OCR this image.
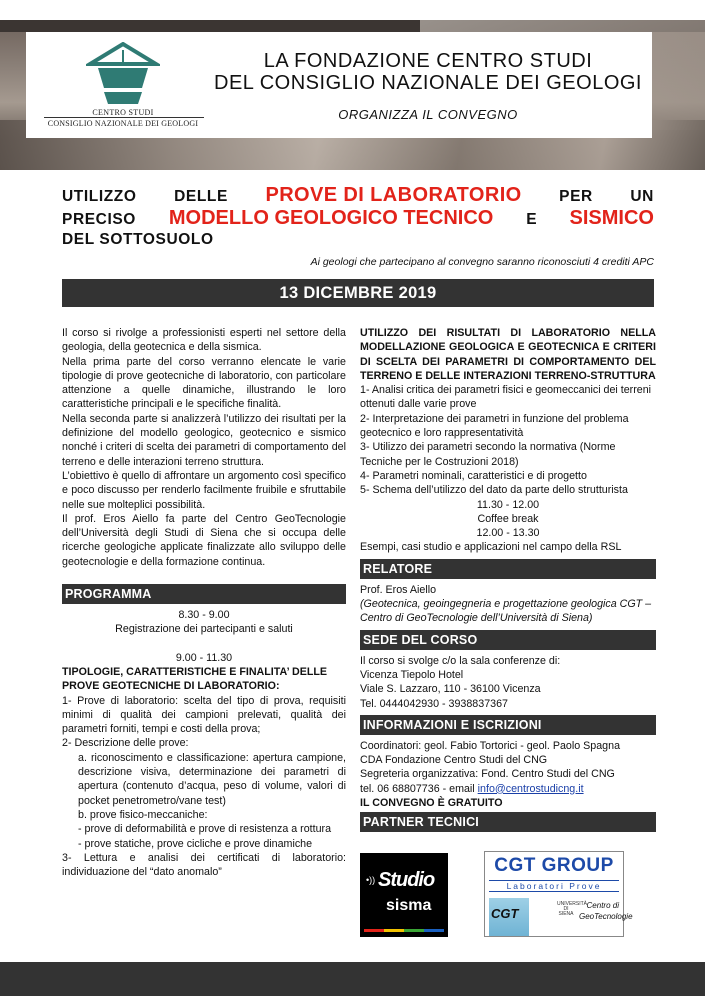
CENTRO STUDI
CONSIGLIO NAZIONALE DEI GEOLOGI
LA FONDAZIONE CENTRO STUDI
DEL CONSIGLIO NAZIONALE DEI GEOLOGI
ORGANIZZA IL CONVEGNO
UTILIZZO DELLE PROVE DI LABORATORIO PER UN
PRECISO MODELLO GEOLOGICO TECNICO E SISMICO
DEL SOTTOSUOLO
Ai geologi che partecipano al convegno saranno riconosciuti 4 crediti APC
13 DICEMBRE 2019

Il corso si rivolge a professionisti esperti nel settore della geologia, della geotecnica e della sismica.

Nella prima parte del corso verranno elencate le varie tipologie di prove geotecniche di laboratorio, con particolare attenzione a quelle dinamiche, illustrando le loro caratteristiche principali e le specifiche finalità.

Nella seconda parte si analizzerà l’utilizzo dei risultati per la definizione del modello geologico, geotecnico e sismico nonché i criteri di scelta dei parametri di comportamento del terreno e delle interazioni terreno struttura.

L’obiettivo è quello di affrontare un argomento così specifico e poco discusso per renderlo facilmente fruibile e sfruttabile nelle sue molteplici possibilità.

Il prof. Eros Aiello fa parte del Centro GeoTecnologie dell’Università degli Studi di Siena che si occupa delle ricerche geologiche applicate finalizzate allo sviluppo delle geotecnologie e della formazione continua.

PROGRAMMA

8.30 - 9.00

Registrazione dei partecipanti e saluti

9.00 - 11.30

TIPOLOGIE, CARATTERISTICHE E FINALITA’ DELLE PROVE GEOTECNICHE DI LABORATORIO:

1- Prove di laboratorio: scelta del tipo di prova, requisiti minimi di qualità dei campioni prelevati, qualità dei parametri forniti, tempi e costi della prova;

2- Descrizione delle prove:

a. riconoscimento e classificazione: apertura campione, descrizione visiva, determinazione dei parametri di apertura (contenuto d’acqua, peso di volume, valori di pocket penetrometro/vane test)

b. prove fisico-meccaniche:

- prove di deformabilità e prove di resistenza a rottura

- prove statiche, prove cicliche e prove dinamiche

3- Lettura e analisi dei certificati di laboratorio: individuazione del “dato anomalo”

UTILIZZO DEI RISULTATI DI LABORATORIO NELLA MODELLAZIONE GEOLOGICA E GEOTECNICA E CRITERI DI SCELTA DEI PARAMETRI DI COMPORTAMENTO DEL TERRENO E DELLE INTERAZIONI TERRENO-STRUTTURA

1- Analisi critica dei parametri fisici e geomeccanici dei terreni ottenuti dalle varie prove

2- Interpretazione dei parametri in funzione del problema geotecnico e loro rappresentatività

3- Utilizzo dei parametri secondo la normativa (Norme Tecniche per le Costruzioni 2018)

4- Parametri nominali, caratteristici e di progetto

5- Schema dell’utilizzo del dato da parte dello strutturista

11.30 - 12.00

Coffee break

12.00 - 13.30

Esempi, casi studio e applicazioni nel campo della RSL

RELATORE

Prof. Eros Aiello

(Geotecnica, geoingegneria e progettazione geologica CGT – Centro di GeoTecnologie dell’Università di Siena)

SEDE DEL CORSO

Il corso si svolge c/o la sala conferenze di:

Vicenza Tiepolo Hotel

Viale S. Lazzaro, 110 - 36100 Vicenza

Tel. 0444042930 - 3938837367

INFORMAZIONI E ISCRIZIONI

Coordinatori: geol. Fabio Tortorici - geol. Paolo Spagna

CDA Fondazione Centro Studi del CNG

Segreteria organizzativa: Fond. Centro Studi del CNG

tel. 06 68807736 - email info@centrostudicng.it

IL CONVEGNO È GRATUITO

PARTNER TECNICI
•)) Studio
sisma
CGT GROUP
Laboratori Prove
CGT
UNIVERSITÀ DI SIENA
Centro di GeoTecnologie
